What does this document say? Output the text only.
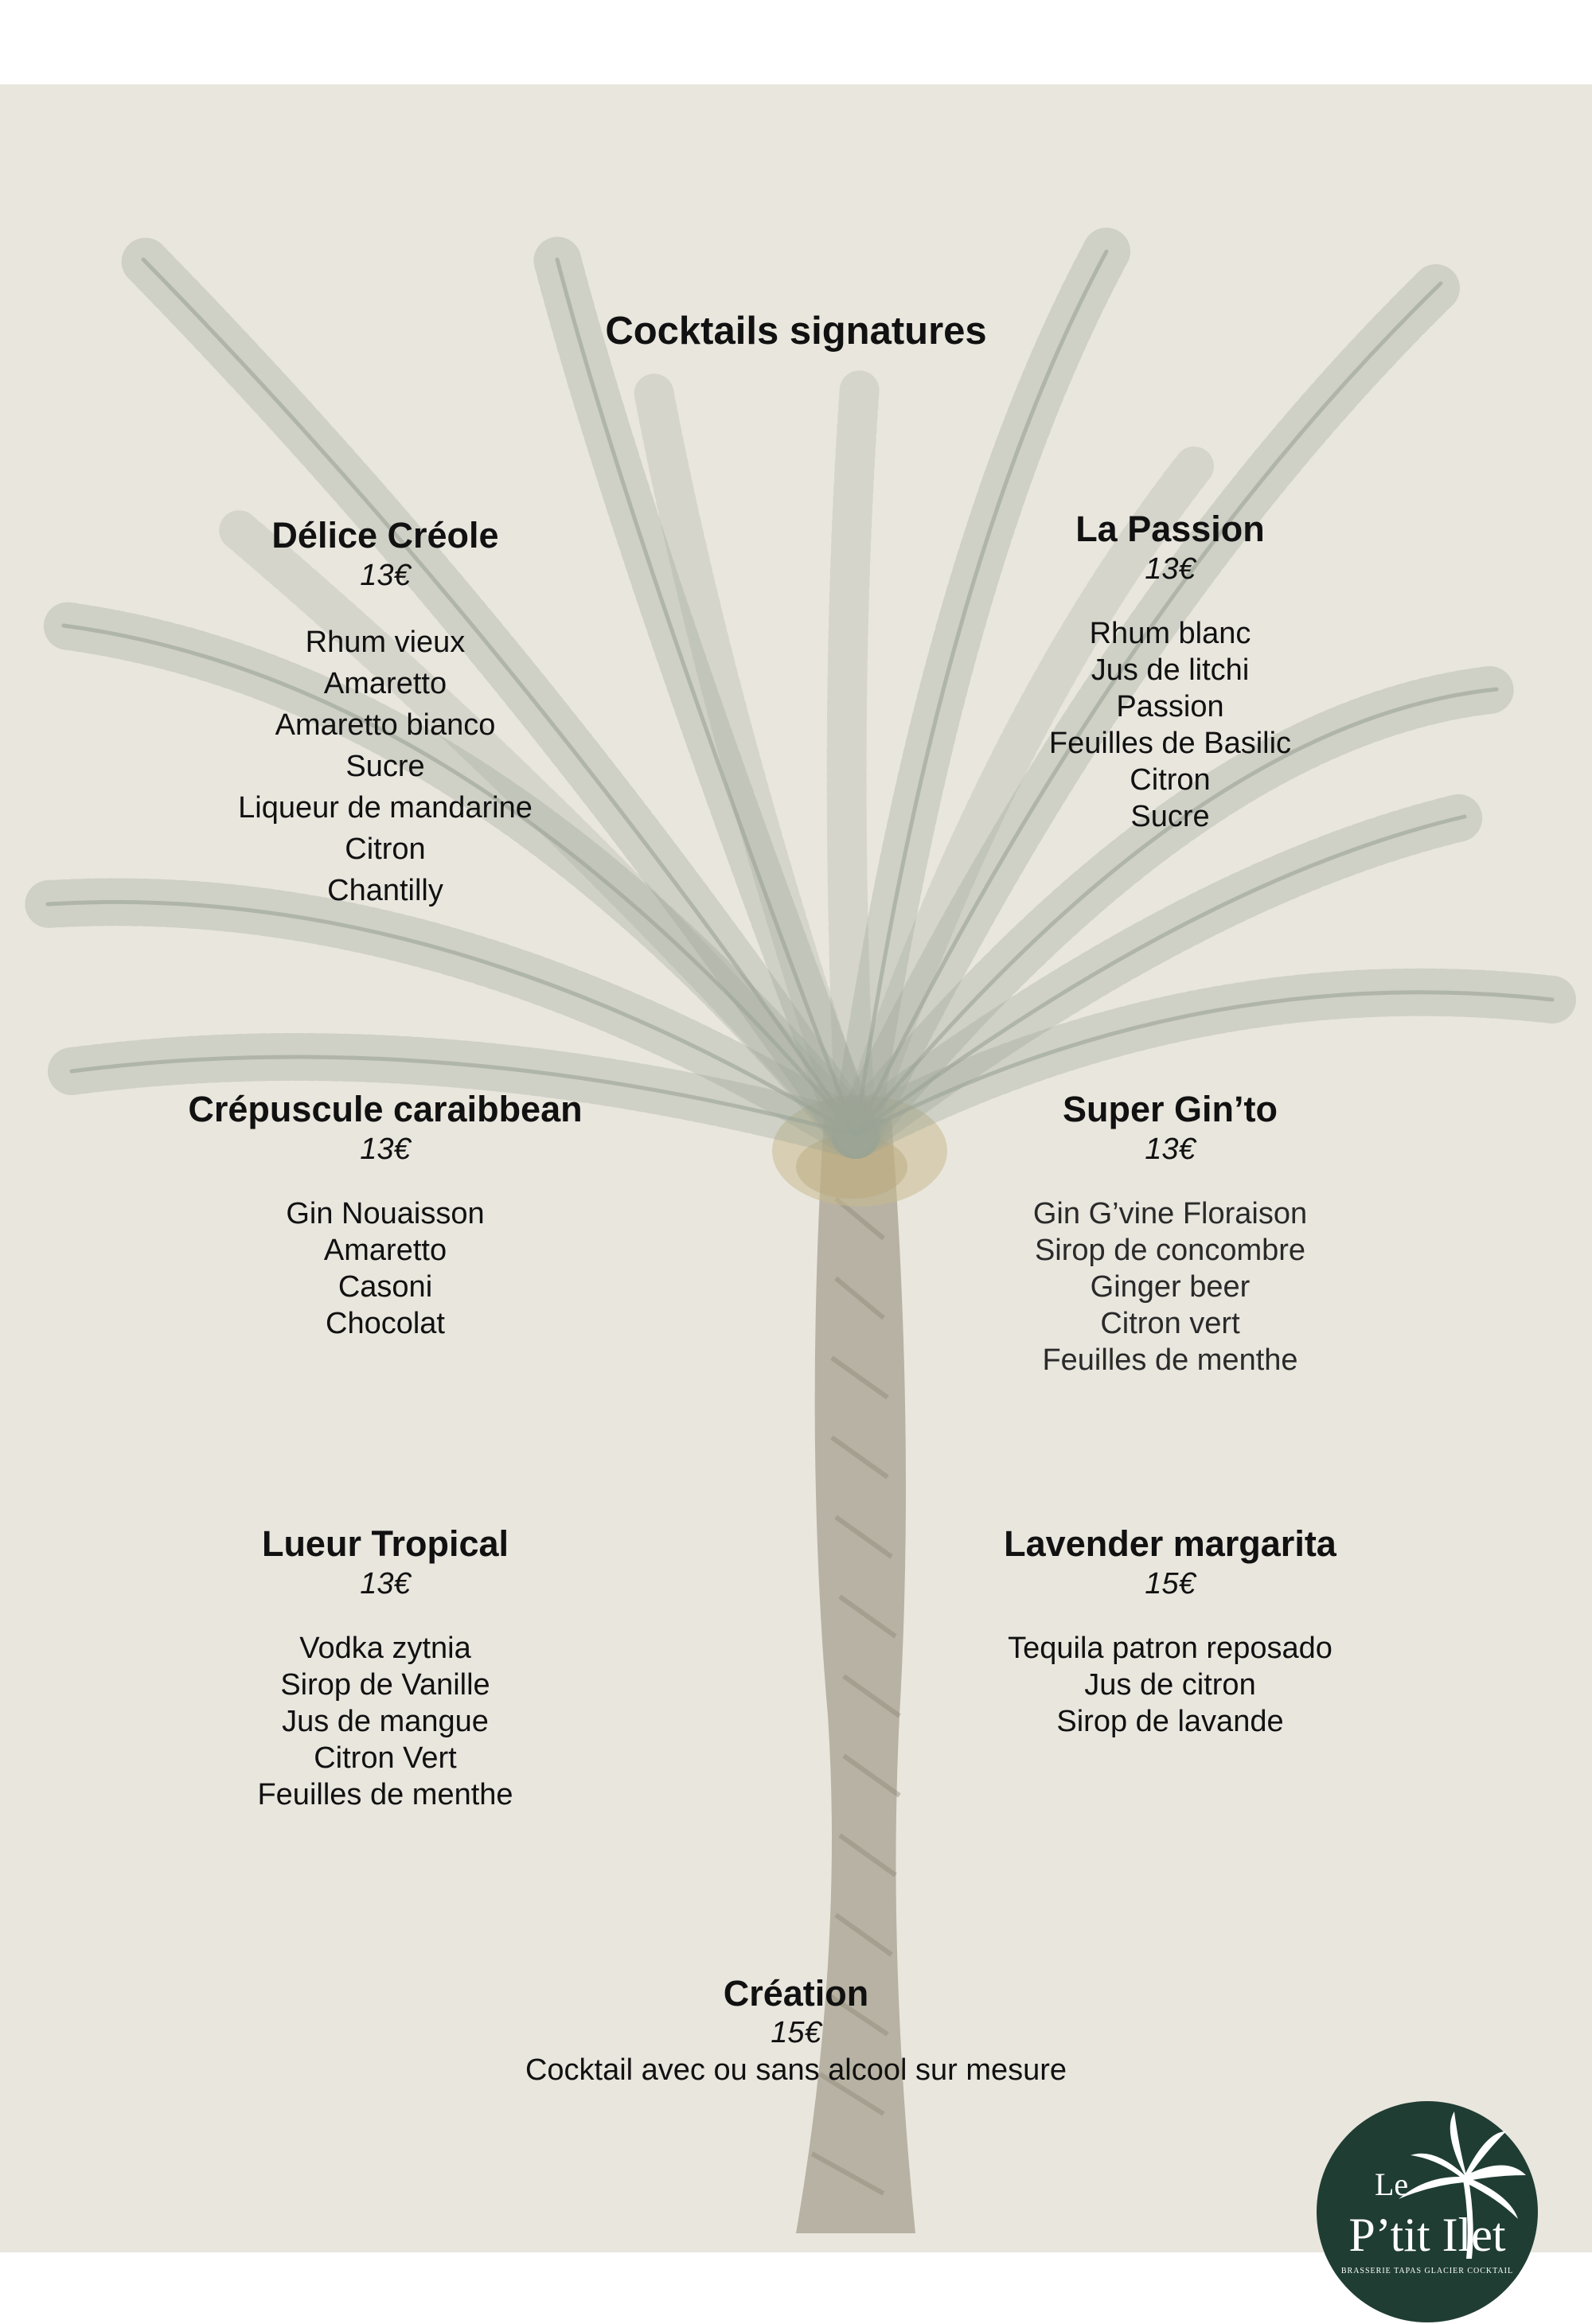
Cocktails signatures

Délice Créole

13€

Rhum vieux
Amaretto
Amaretto bianco
Sucre
Liqueur de mandarine
Citron
Chantilly

La Passion

13€

Rhum blanc
Jus de litchi
Passion
Feuilles de Basilic
Citron
Sucre

Crépuscule caraibbean

13€

Gin Nouaisson
Amaretto
Casoni
Chocolat

Super Gin’to

13€

Gin G’vine Floraison
Sirop de concombre
Ginger beer
Citron vert
Feuilles de menthe

Lueur Tropical

13€

Vodka zytnia
Sirop de Vanille
Jus de mangue
Citron Vert
Feuilles de menthe

Lavender margarita

15€

Tequila patron reposado
Jus de citron
Sirop de lavande

Création

15€

Cocktail avec ou sans alcool sur mesure

Le
P’tit Ilet
BRASSERIE TAPAS GLACIER COCKTAIL
